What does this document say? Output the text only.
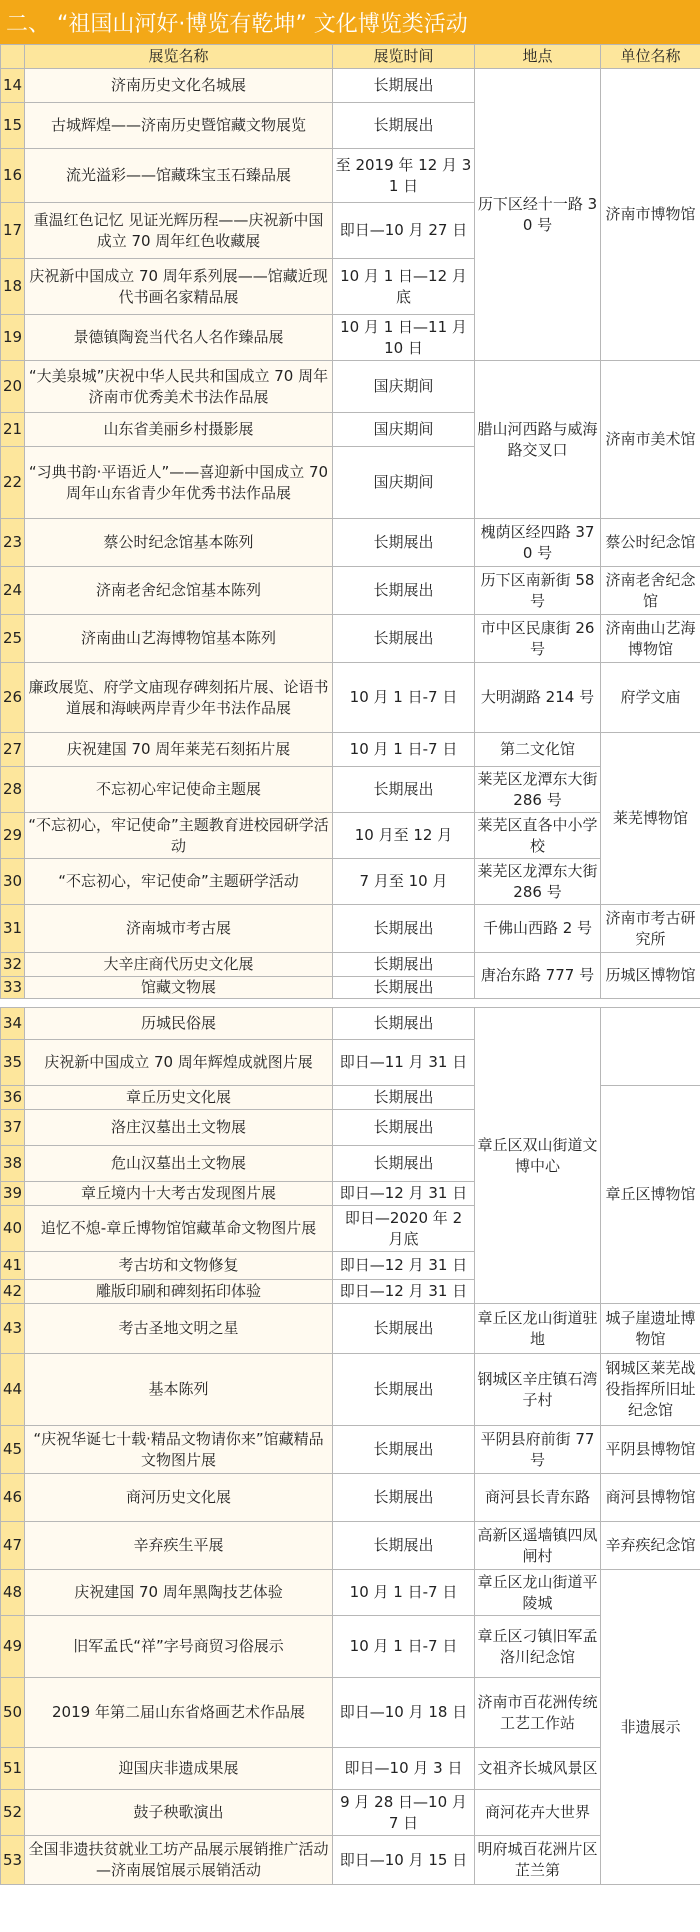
二、 “祖国山河好·博览有乾坤” 文化博览类活动
	展览名称	展览时间	地点	单位名称
14	济南历史文化名城展	长期展出	历下区经十一路 30 号	济南市博物馆
15	古城辉煌——济南历史暨馆藏文物展览	长期展出		
16	流光溢彩——馆藏珠宝玉石臻品展	至 2019 年 12 月 31 日		
17	重温红色记忆 见证光辉历程——庆祝新中国成立 70 周年红色收藏展	即日—10 月 27 日		
18	庆祝新中国成立 70 周年系列展——馆藏近现代书画名家精品展	10 月 1 日—12 月底		
19	景德镇陶瓷当代名人名作臻品展	10 月 1 日—11 月 10 日		
20	“大美泉城”庆祝中华人民共和国成立 70 周年济南市优秀美术书法作品展	国庆期间	腊山河西路与威海路交叉口	济南市美术馆
21	山东省美丽乡村摄影展	国庆期间		
22	“习典书韵·平语近人”——喜迎新中国成立 70 周年山东省青少年优秀书法作品展	国庆期间		
23	蔡公时纪念馆基本陈列	长期展出	槐荫区经四路 370 号	蔡公时纪念馆
24	济南老舍纪念馆基本陈列	长期展出	历下区南新街 58 号	济南老舍纪念馆
25	济南曲山艺海博物馆基本陈列	长期展出	市中区民康街 26 号	济南曲山艺海博物馆
26	廉政展览、府学文庙现存碑刻拓片展、论语书道展和海峡两岸青少年书法作品展	10 月 1 日-7 日	大明湖路 214 号	府学文庙
27	庆祝建国 70 周年莱芜石刻拓片展	10 月 1 日-7 日	第二文化馆	莱芜博物馆
28	不忘初心牢记使命主题展	长期展出	莱芜区龙潭东大街 286 号	
29	“不忘初心，牢记使命”主题教育进校园研学活动	10 月至 12 月	莱芜区直各中小学校	
30	“不忘初心，牢记使命”主题研学活动	7 月至 10 月	莱芜区龙潭东大街 286 号	
31	济南城市考古展	长期展出	千佛山西路 2 号	济南市考古研究所
32	大辛庄商代历史文化展	长期展出	唐冶东路 777 号	历城区博物馆
33	馆藏文物展	长期展出		

34	历城民俗展	长期展出	章丘区双山街道文博中心	
35	庆祝新中国成立 70 周年辉煌成就图片展	即日—11 月 31 日		
36	章丘历史文化展	长期展出		章丘区博物馆
37	洛庄汉墓出土文物展	长期展出		
38	危山汉墓出土文物展	长期展出		
39	章丘境内十大考古发现图片展	即日—12 月 31 日		
40	追忆不熄-章丘博物馆馆藏革命文物图片展	即日—2020 年 2 月底		
41	考古坊和文物修复	即日—12 月 31 日		
42	雕版印刷和碑刻拓印体验	即日—12 月 31 日		
43	考古圣地文明之星	长期展出	章丘区龙山街道驻地	城子崖遗址博物馆
44	基本陈列	长期展出	钢城区辛庄镇石湾子村	钢城区莱芜战役指挥所旧址纪念馆
45	“庆祝华诞七十载·精品文物请你来”馆藏精品文物图片展	长期展出	平阴县府前街 77 号	平阴县博物馆
46	商河历史文化展	长期展出	商河县长青东路	商河县博物馆
47	辛弃疾生平展	长期展出	高新区遥墙镇四凤闸村	辛弃疾纪念馆
48	庆祝建国 70 周年黑陶技艺体验	10 月 1 日-7 日	章丘区龙山街道平陵城	非遗展示
49	旧军孟氏“祥”字号商贸习俗展示	10 月 1 日-7 日	章丘区刁镇旧军孟洛川纪念馆	
50	2019 年第二届山东省烙画艺术作品展	即日—10 月 18 日	济南市百花洲传统工艺工作站	
51	迎国庆非遗成果展	即日—10 月 3 日	文祖齐长城风景区	
52	鼓子秧歌演出	9 月 28 日—10 月 7 日	商河花卉大世界	
53	全国非遗扶贫就业工坊产品展示展销推广活动—济南展馆展示展销活动	即日—10 月 15 日	明府城百花洲片区芷兰第	
